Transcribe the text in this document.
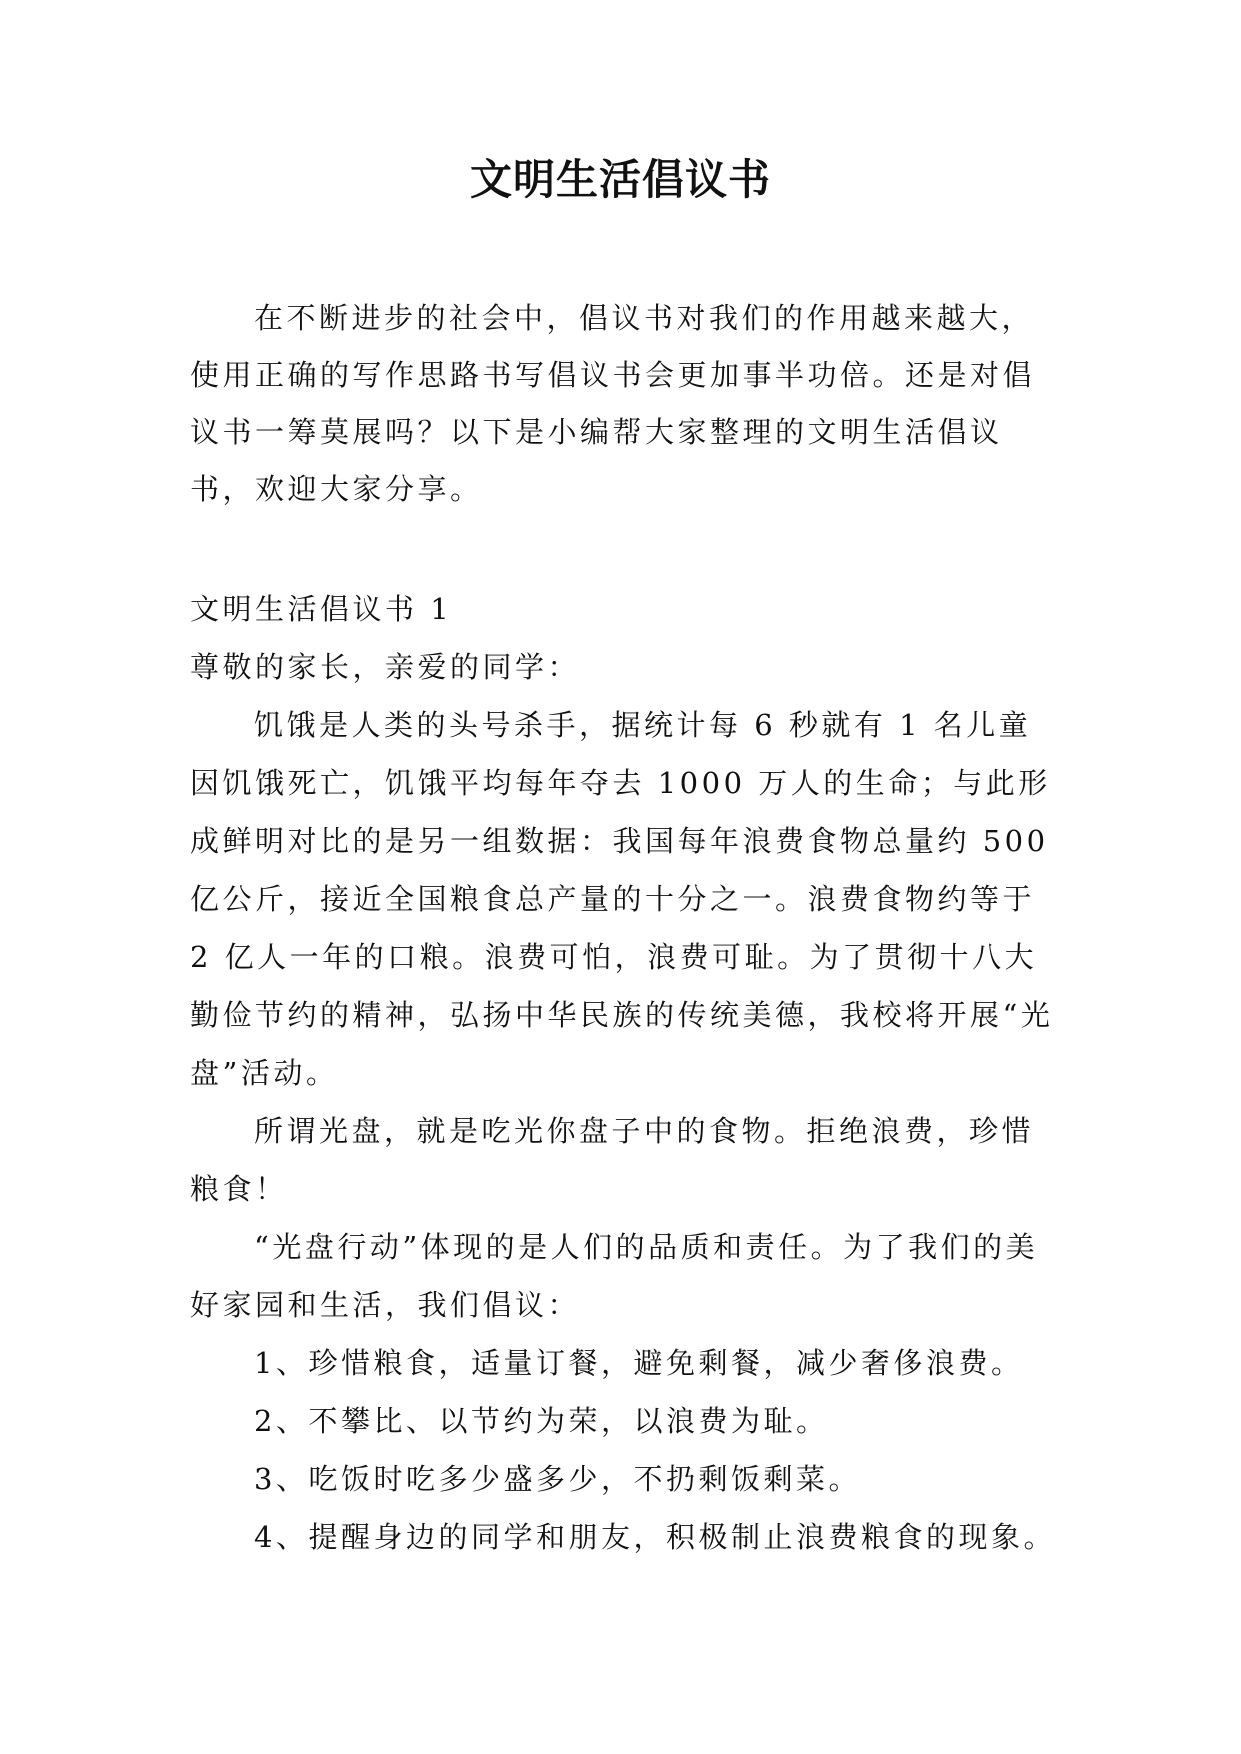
文明生活倡议书

在不断进步的社会中，倡议书对我们的作用越来越大，使用正确的写作思路书写倡议书会更加事半功倍。还是对倡议书一筹莫展吗？以下是小编帮大家整理的文明生活倡议书，欢迎大家分享。

文明生活倡议书 1

尊敬的家长，亲爱的同学：

饥饿是人类的头号杀手，据统计每 6 秒就有 1 名儿童因饥饿死亡，饥饿平均每年夺去 1000 万人的生命；与此形成鲜明对比的是另一组数据：我国每年浪费食物总量约 500 亿公斤，接近全国粮食总产量的十分之一。浪费食物约等于 2 亿人一年的口粮。浪费可怕，浪费可耻。为了贯彻十八大勤俭节约的精神，弘扬中华民族的传统美德，我校将开展“光盘”活动。

所谓光盘，就是吃光你盘子中的食物。拒绝浪费，珍惜粮食！

“光盘行动”体现的是人们的品质和责任。为了我们的美好家园和生活，我们倡议：

1、珍惜粮食，适量订餐，避免剩餐，减少奢侈浪费。

2、不攀比、以节约为荣，以浪费为耻。

3、吃饭时吃多少盛多少，不扔剩饭剩菜。

4、提醒身边的同学和朋友，积极制止浪费粮食的现象。
